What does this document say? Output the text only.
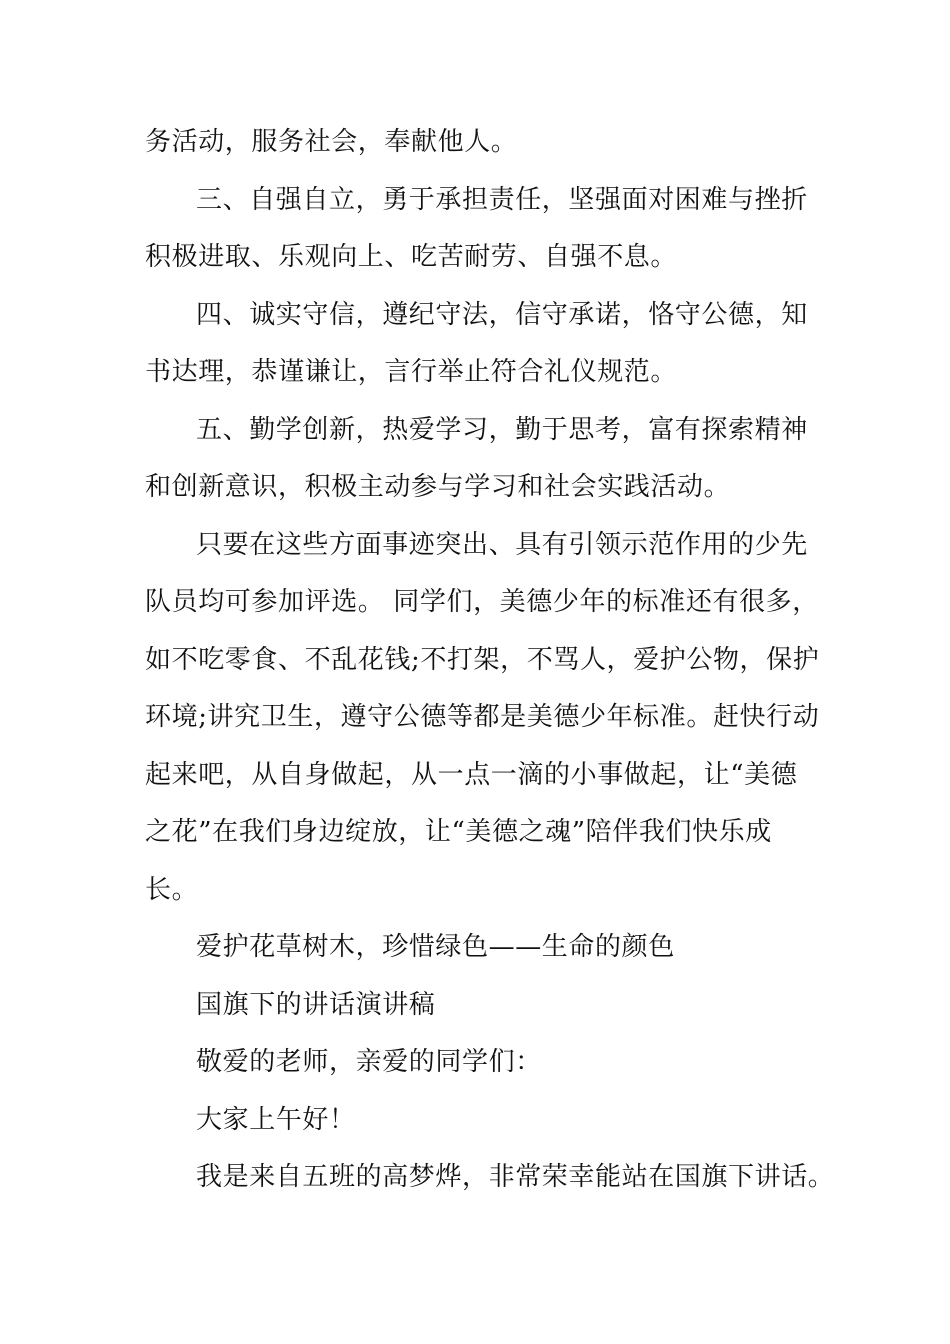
务活动，服务社会，奉献他人。
三、自强自立，勇于承担责任，坚强面对困难与挫折
积极进取、乐观向上、吃苦耐劳、自强不息。
四、诚实守信，遵纪守法，信守承诺，恪守公德，知
书达理，恭谨谦让，言行举止符合礼仪规范。
五、勤学创新，热爱学习，勤于思考，富有探索精神
和创新意识，积极主动参与学习和社会实践活动。
只要在这些方面事迹突出、具有引领示范作用的少先
队员均可参加评选。 同学们，美德少年的标准还有很多，
如不吃零食、不乱花钱;不打架，不骂人，爱护公物，保护
环境;讲究卫生，遵守公德等都是美德少年标准。赶快行动
起来吧，从自身做起，从一点一滴的小事做起，让“美德
之花”在我们身边绽放，让“美德之魂”陪伴我们快乐成
长。
爱护花草树木，珍惜绿色——生命的颜色
国旗下的讲话演讲稿
敬爱的老师，亲爱的同学们：
大家上午好！
我是来自五班的高梦烨，非常荣幸能站在国旗下讲话。
